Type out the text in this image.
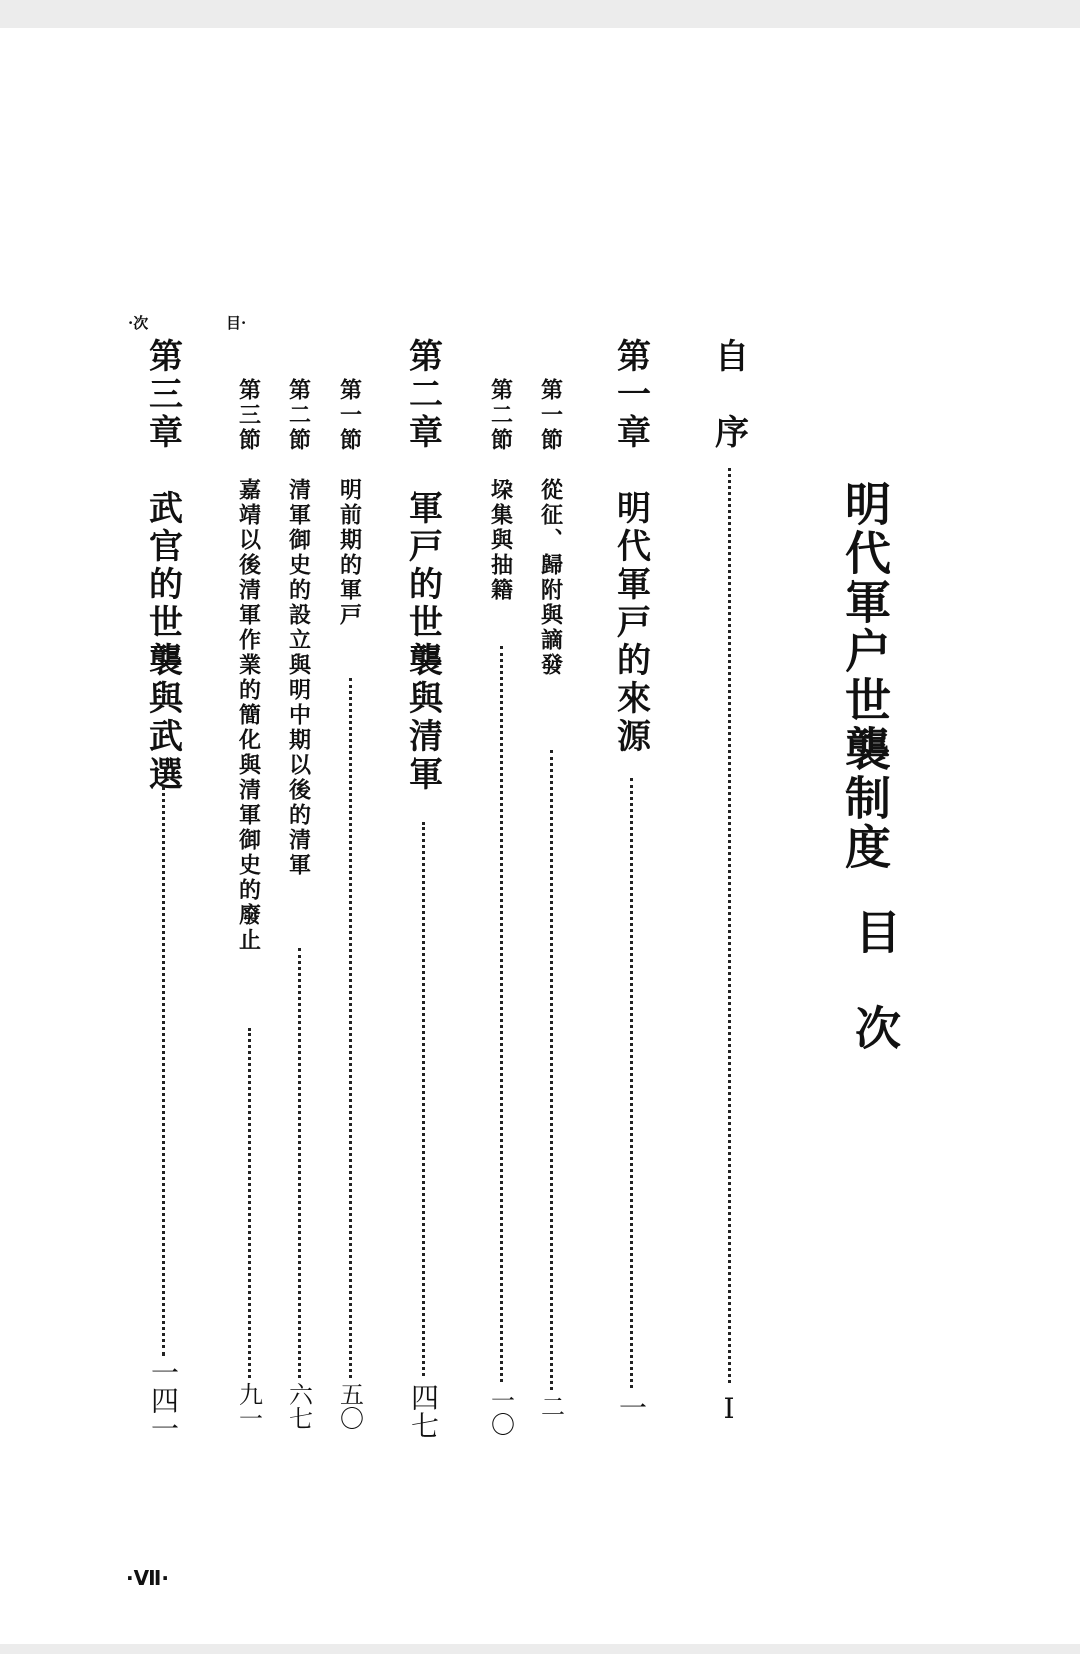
明代軍户世襲制度
目次
·次	目·
自　序
Ⅰ
第一章　明代軍戸的來源
一
第一節　從征、歸附與謫發
二
第二節　垜集與抽籍
一〇
第二章　軍戸的世襲與清軍
四七
第一節　明前期的軍戸
五〇
第二節　清軍御史的設立與明中期以後的清軍
六七
第三節　嘉靖以後清軍作業的簡化與清軍御史的廢止
九一
第三章　武官的世襲與武選
一四一
·Ⅶ·
